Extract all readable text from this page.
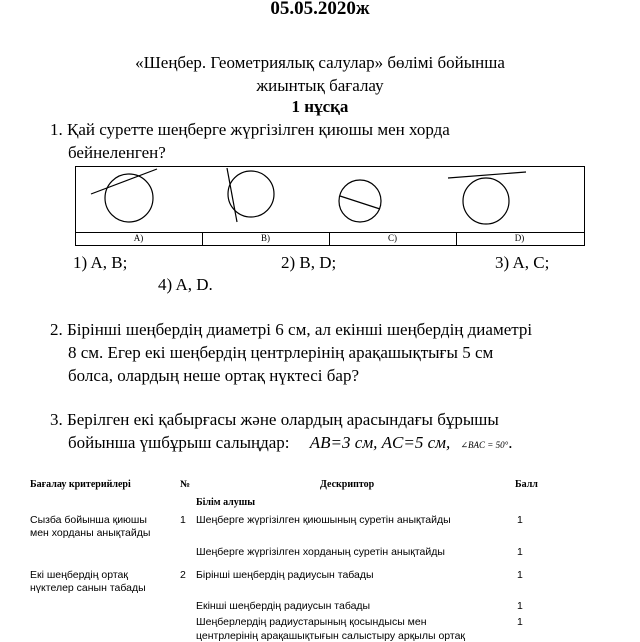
05.05.2020ж
«Шеңбер. Геометриялық салулар» бөлімі бойынша
жиынтық бағалау
1 нұсқа
1. Қай суретте шеңберге жүргізілген қиюшы мен хорда
бейнеленген?
A)	B)	C)	D)
1) A, B;	2) B, D;	3) A, C;
4) A, D.
2. Бірінші шеңбердің диаметрі 6 см, ал екінші шеңбердің диаметрі
8 см. Егер екі шеңбердің центрлерінің арақашықтығы 5 см
болса, олардың неше ортақ нүктесі бар?
3. Берілген екі қабырғасы және олардың арасындағы бұрышы
бойынша үшбұрыш салыңдар: AB=3 см, AC=5 см, ∠BAC = 50°.
Бағалау критерийлері	№	Дескриптор	Балл
Білім алушы
Сызба бойынша қиюшы
мен хорданы анықтайды
1 Шеңберге жүргізілген қиюшының суретін анықтайды	1
Шеңберге жүргізілген хорданың суретін анықтайды	1
Екі шеңбердің ортақ
нүктелер санын табады
2 Бірінші шеңбердің радиусын табады	1
Екінші шеңбердің радиусын табады	1
Шеңберлердің радиустарының қосындысы мен
центрлерінің арақашықтығын салыстыру арқылы ортақ
1
